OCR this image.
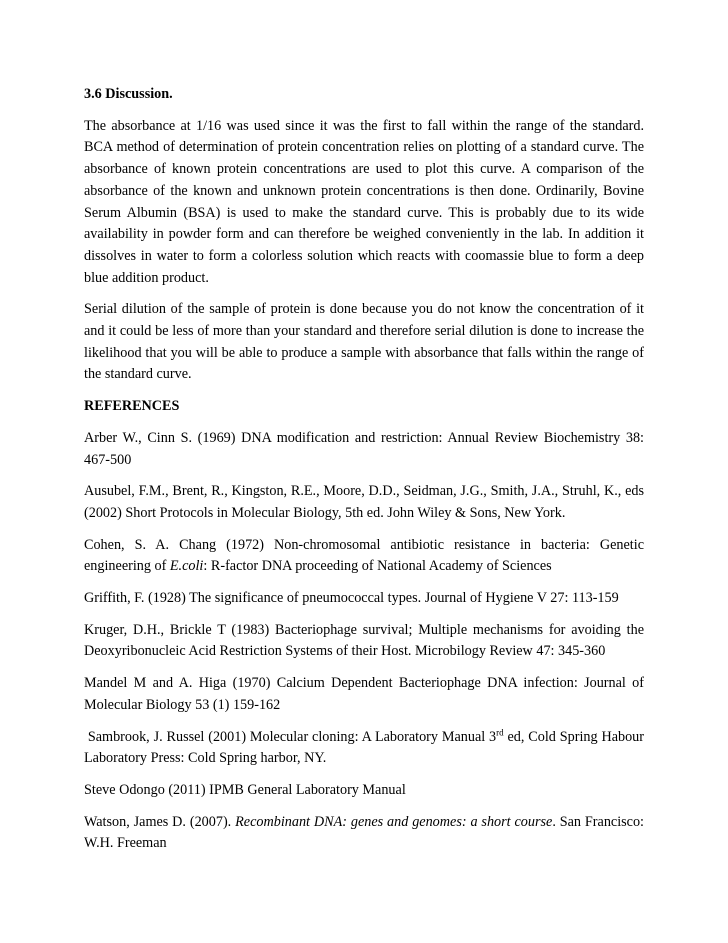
3.6 Discussion.

The absorbance at 1/16 was used since it was the first to fall within the range of the standard. BCA method of determination of protein concentration relies on plotting of a standard curve. The absorbance of known protein concentrations are used to plot this curve. A comparison of the absorbance of the known and unknown protein concentrations is then done. Ordinarily, Bovine Serum Albumin (BSA) is used to make the standard curve. This is probably due to its wide availability in powder form and can therefore be weighed conveniently in the lab. In addition it dissolves in water to form a colorless solution which reacts with coomassie blue to form a deep blue addition product.

Serial dilution of the sample of protein is done because you do not know the concentration of it and it could be less of more than your standard and therefore serial dilution is done to increase the likelihood that you will be able to produce a sample with absorbance that falls within the range of the standard curve.

REFERENCES

Arber W., Cinn S. (1969) DNA modification and restriction: Annual Review Biochemistry 38: 467-500

Ausubel, F.M., Brent, R., Kingston, R.E., Moore, D.D., Seidman, J.G., Smith, J.A., Struhl, K., eds (2002) Short Protocols in Molecular Biology, 5th ed. John Wiley & Sons, New York.

Cohen, S. A. Chang (1972) Non-chromosomal antibiotic resistance in bacteria: Genetic engineering of E.coli: R-factor DNA proceeding of National Academy of Sciences

Griffith, F. (1928) The significance of pneumococcal types. Journal of Hygiene V 27: 113-159

Kruger, D.H., Brickle T (1983) Bacteriophage survival; Multiple mechanisms for avoiding the Deoxyribonucleic Acid Restriction Systems of their Host. Microbilogy Review 47: 345-360

Mandel M and A. Higa (1970) Calcium Dependent Bacteriophage DNA infection: Journal of Molecular Biology 53 (1) 159-162

Sambrook, J. Russel (2001) Molecular cloning: A Laboratory Manual 3rd ed, Cold Spring Habour Laboratory Press: Cold Spring harbor, NY.

Steve Odongo (2011) IPMB General Laboratory Manual

Watson, James D. (2007). Recombinant DNA: genes and genomes: a short course. San Francisco: W.H. Freeman
